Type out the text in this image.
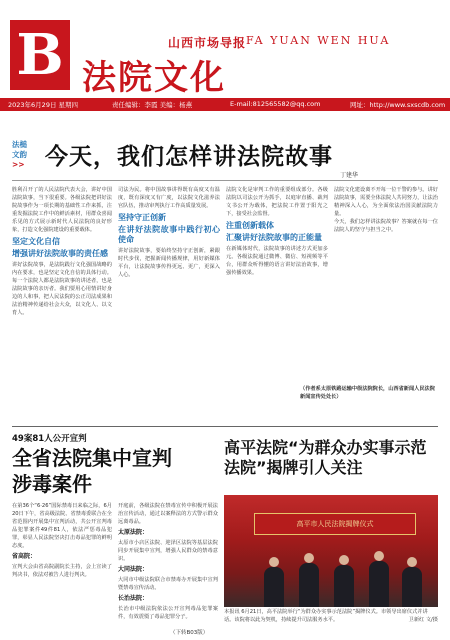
B	山西市场导报 FA YUAN WEN HUA
法院文化
2023年6月29日 星期四	责任编辑：李霞 美编：杨燕	E-mail:812565582@qq.com	网址：http://www.sxscdb.com
法槌文韵
>> 今天，我们怎样讲法院故事
丁建华
胜利召开了的人民法院代表大会，讲好中国法院故事，当下很重要。各级法院把讲好法院故事作为一项长期的基础性工作来抓，注重发掘法院工作中的鲜活素材，用群众喜闻乐见的方式展示新时代人民法院的良好形象，打造文化强院建设的重要载体。
坚定文化自信
增强讲好法院故事的责任感
讲好法院故事，是法院践行文化强国战略的内在要求，也是坚定文化自信的具体行动。每一个法院人都是法院故事的讲述者，也是法院故事的亲历者。我们要用心用情讲好身边的人和事，把人民法院的公正司法成果和法治精神传递给社会大众，以文化人、以文育人。
司法为民。将中国故事讲得既有高度又有温度，既有深度又有广度，以法院文化滋养法官队伍，推动审判执行工作高质量发展。
坚持守正创新
在讲好法院故事中践行初心使命
讲好法院故事，要始终坚持守正创新，紧跟时代步伐，把握新闻传播规律，用好新媒体平台，让法院故事传得更远、更广，更深入人心。
法院文化是审判工作的重要组成部分。各级法院以司法公开为抓手，以庭审直播、裁判文书公开为载体，把法院工作置于阳光之下，接受社会监督。
注重创新载体
汇聚讲好法院故事的正能量
在新媒体时代，法院故事的讲述方式更加多元。各级法院通过微博、微信、短视频等平台，用群众听得懂的语言讲好法治故事，增强传播效果。
法院文化建设离不开每一位干警的参与。讲好法院故事，需要全体法院人共同努力，让法治精神深入人心，为全面依法治国贡献法院力量。
今天，我们怎样讲法院故事？答案就在每一位法院人的坚守与担当之中。
（作者系太原铁路运输中级法院院长，山西省新闻人民法院新闻宣传处处长）
49案81人公开宣判
全省法院集中宣判
涉毒案件
在第36个“6·26”国际禁毒日来临之际，6月20日下午，省高级法院、省禁毒委联合在全省范围内开展集中宣判活动，共公开宣判毒品犯罪案件49件81人，依法严惩毒品犯罪，彰显人民法院坚决打击毒品犯罪的鲜明态度。
省高院：
宣判大会由省高院副院长主持，会上宣读了判决书，依法对被告人进行判决。
开庭前，各级法院在禁毒宣传中积极开展法治宣传活动，通过以案释法的方式警示群众远离毒品。
太原法院：
太原市小店区法院、迎泽区法院等基层法院同步开展集中宣判，增强人民群众的禁毒意识。
大同法院：
大同市中级法院联合市禁毒办开展集中宣判暨禁毒宣传活动。
长治法院：
长治市中级法院依法公开宣判毒品犯罪案件，有效震慑了毒品犯罪分子。
（下转B03版）
高平法院“为群众办实事示范
法院”揭牌引人关注
高平市人民法院揭牌仪式
本报讯 6月21日，高平法院举行“为群众办实事示范法院”揭牌仪式。市领导出席仪式并讲话。该院将以此为契机，持续提升司法服务水平。	卫新红 文/摄
